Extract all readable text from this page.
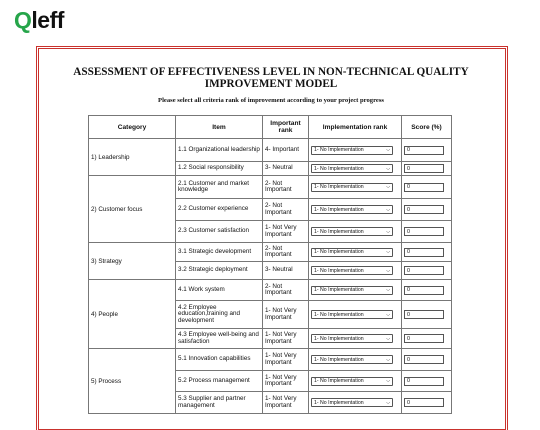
Qleff
ASSESSMENT OF EFFECTIVENESS LEVEL IN NON-TECHNICAL QUALITY IMPROVEMENT MODEL
Please select all criteria rank of improvement according to your project progress
Category	Item	Important rank	Implementation rank	Score (%)
1) Leadership	1.1 Organizational leadership	4- Important	1- No Implementation ⌵	0

	1.2 Social responsibility	3- Neutral	1- No Implementation ⌵	0

2) Customer focus	2.1 Customer and market knowledge	2- Not Important	1- No Implementation ⌵	0

	2.2 Customer experience	2- Not Important	1- No Implementation ⌵	0

	2.3 Customer satisfaction	1- Not Very Important	1- No Implementation ⌵	0

3) Strategy	3.1 Strategic development	2- Not Important	1- No Implementation ⌵	0

	3.2 Strategic deployment	3- Neutral	1- No Implementation ⌵	0

4) People	4.1 Work system	2- Not Important	1- No Implementation ⌵	0

	4.2 Employee education,training and development	1- Not Very Important	1- No Implementation ⌵	0

	4.3 Employee well-being and satisfaction	1- Not Very Important	1- No Implementation ⌵	0

5) Process	5.1 Innovation capabilities	1- Not Very Important	1- No Implementation ⌵	0

	5.2 Process management	1- Not Very Important	1- No Implementation ⌵	0

	5.3 Supplier and partner management	1- Not Very Important	1- No Implementation ⌵	0
